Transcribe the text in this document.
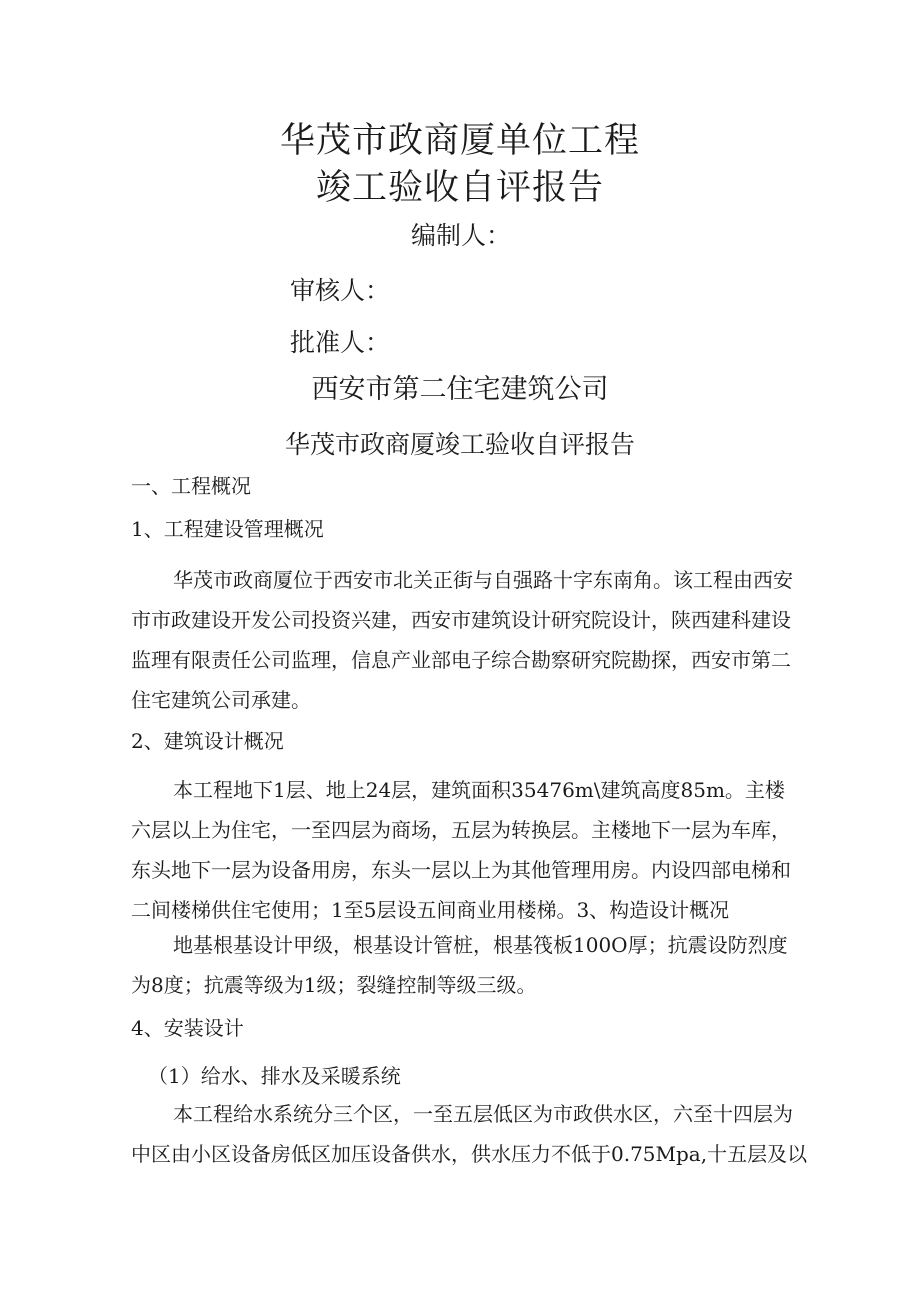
华茂市政商厦单位工程
竣工验收自评报告
编制人：
审核人：
批准人：
西安市第二住宅建筑公司
华茂市政商厦竣工验收自评报告
一、工程概况
1、工程建设管理概况
华茂市政商厦位于西安市北关正街与自强路十字东南角。该工程由西安
市市政建设开发公司投资兴建，西安市建筑设计研究院设计，陕西建科建设
监理有限责任公司监理，信息产业部电子综合勘察研究院勘探，西安市第二
住宅建筑公司承建。
2、建筑设计概况
本工程地下1层、地上24层，建筑面积35476m\建筑高度85m。主楼
六层以上为住宅，一至四层为商场，五层为转换层。主楼地下一层为车库，
东头地下一层为设备用房，东头一层以上为其他管理用房。内设四部电梯和
二间楼梯供住宅使用；1至5层设五间商业用楼梯。3、构造设计概况
地基根基设计甲级，根基设计管桩，根基筏板100O厚；抗震设防烈度
为8度；抗震等级为1级；裂缝控制等级三级。
4、安装设计
（1）给水、排水及采暖系统
本工程给水系统分三个区，一至五层低区为市政供水区，六至十四层为
中区由小区设备房低区加压设备供水，供水压力不低于0.75Mpa,十五层及以
